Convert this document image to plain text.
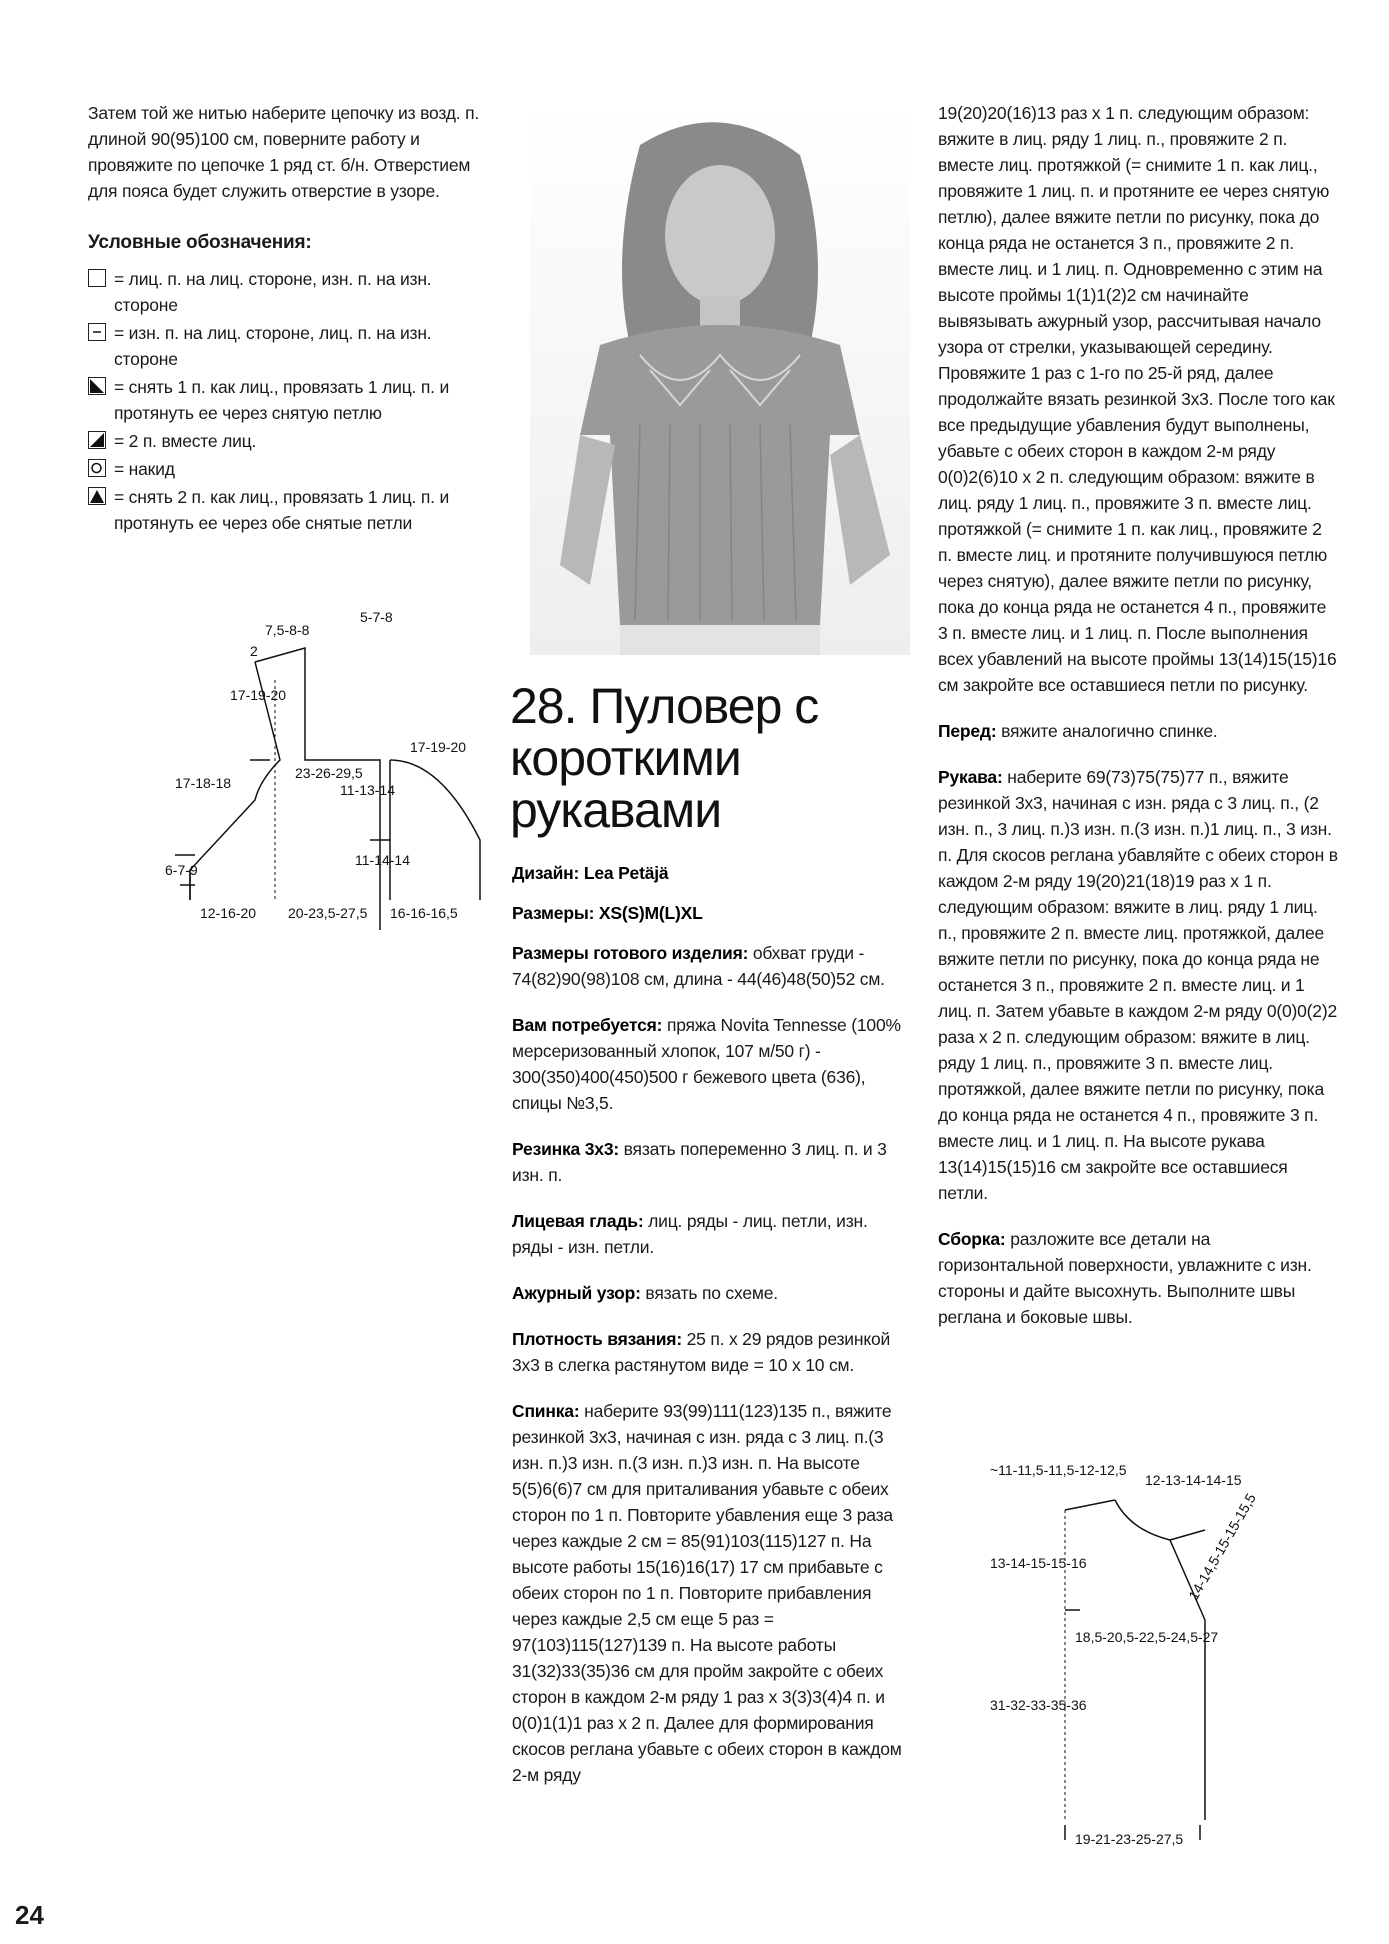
Затем той же нитью наберите цепочку из возд. п. длиной 90(95)100 см, поверните работу и провяжите по цепочке 1 ряд ст. б/н. Отверстием для пояса будет служить отверстие в узоре.

Условные обозначения:
= лиц. п. на лиц. стороне, изн. п. на изн. стороне
= изн. п. на лиц. стороне, лиц. п. на изн. стороне
= снять 1 п. как лиц., провязать 1 лиц. п. и протянуть ее через снятую петлю
= 2 п. вместе лиц.
= накид
= снять 2 п. как лиц., провязать 1 лиц. п. и протянуть ее через обе снятые петли
7,5-8-8
5-7-8
2
17-19-20
23-26-29,5
17-18-18
6-7-9
12-16-20 20-23,5-27,5
17-19-20
11-13-14
11-14-14
16-16-16,5
28. Пуловер с короткими рукавами

Дизайн: Lea Petäjä

Размеры: XS(S)M(L)XL

Размеры готового изделия: обхват груди - 74(82)90(98)108 см, длина - 44(46)48(50)52 см.

Вам потребуется: пряжа Novita Tennesse (100% мерсеризованный хлопок, 107 м/50 г) - 300(350)400(450)500 г бежевого цвета (636), спицы №3,5.

Резинка 3х3: вязать попеременно 3 лиц. п. и 3 изн. п.

Лицевая гладь: лиц. ряды - лиц. петли, изн. ряды - изн. петли.

Ажурный узор: вязать по схеме.

Плотность вязания: 25 п. х 29 рядов резинкой 3х3 в слегка растянутом виде = 10 х 10 см.

Спинка: наберите 93(99)111(123)135 п., вяжите резинкой 3х3, начиная с изн. ряда с 3 лиц. п.(3 изн. п.)3 изн. п.(3 изн. п.)3 изн. п. На высоте 5(5)6(6)7 см для приталивания убавьте с обеих сторон по 1 п. Повторите убавления еще 3 раза через каждые 2 см = 85(91)103(115)127 п. На высоте работы 15(16)16(17) 17 см прибавьте с обеих сторон по 1 п. Повторите прибавления через каждые 2,5 см еще 5 раз = 97(103)115(127)139 п. На высоте работы 31(32)33(35)36 см для пройм закройте с обеих сторон в каждом 2-м ряду 1 раз х 3(3)3(4)4 п. и 0(0)1(1)1 раз х 2 п. Далее для формирования скосов реглана убавьте с обеих сторон в каждом 2-м ряду

19(20)20(16)13 раз х 1 п. следующим образом: вяжите в лиц. ряду 1 лиц. п., провяжите 2 п. вместе лиц. протяжкой (= снимите 1 п. как лиц., провяжите 1 лиц. п. и протяните ее через снятую петлю), далее вяжите петли по рисунку, пока до конца ряда не останется 3 п., провяжите 2 п. вместе лиц. и 1 лиц. п. Одновременно с этим на высоте проймы 1(1)1(2)2 см начинайте вывязывать ажурный узор, рассчитывая начало узора от стрелки, указывающей середину. Провяжите 1 раз с 1-го по 25-й ряд, далее продолжайте вязать резинкой 3х3. После того как все предыдущие убавления будут выполнены, убавьте с обеих сторон в каждом 2-м ряду 0(0)2(6)10 х 2 п. следующим образом: вяжите в лиц. ряду 1 лиц. п., провяжите 3 п. вместе лиц. протяжкой (= снимите 1 п. как лиц., провяжите 2 п. вместе лиц. и протяните получившуюся петлю через снятую), далее вяжите петли по рисунку, пока до конца ряда не останется 4 п., провяжите 3 п. вместе лиц. и 1 лиц. п. После выполнения всех убавлений на высоте проймы 13(14)15(15)16 см закройте все оставшиеся петли по рисунку.

Перед: вяжите аналогично спинке.

Рукава: наберите 69(73)75(75)77 п., вяжите резинкой 3х3, начиная с изн. ряда с 3 лиц. п., (2 изн. п., 3 лиц. п.)3 изн. п.(3 изн. п.)1 лиц. п., 3 изн. п. Для скосов реглана убавляйте с обеих сторон в каждом 2-м ряду 19(20)21(18)19 раз х 1 п. следующим образом: вяжите в лиц. ряду 1 лиц. п., провяжите 2 п. вместе лиц. протяжкой, далее вяжите петли по рисунку, пока до конца ряда не останется 3 п., провяжите 2 п. вместе лиц. и 1 лиц. п. Затем убавьте в каждом 2-м ряду 0(0)0(2)2 раза х 2 п. следующим образом: вяжите в лиц. ряду 1 лиц. п., провяжите 3 п. вместе лиц. протяжкой, далее вяжите петли по рисунку, пока до конца ряда не останется 4 п., провяжите 3 п. вместе лиц. и 1 лиц. п. На высоте рукава 13(14)15(15)16 см закройте все оставшиеся петли.

Сборка: разложите все детали на горизонтальной поверхности, увлажните с изн. стороны и дайте высохнуть. Выполните швы реглана и боковые швы.

~11-11,5-11,5-12-12,5
12-13-14-14-15
14-14,5-15-15-15,5
13-14-15-15-16
18,5-20,5-22,5-24,5-27
31-32-33-35-36
19-21-23-25-27,5
24
